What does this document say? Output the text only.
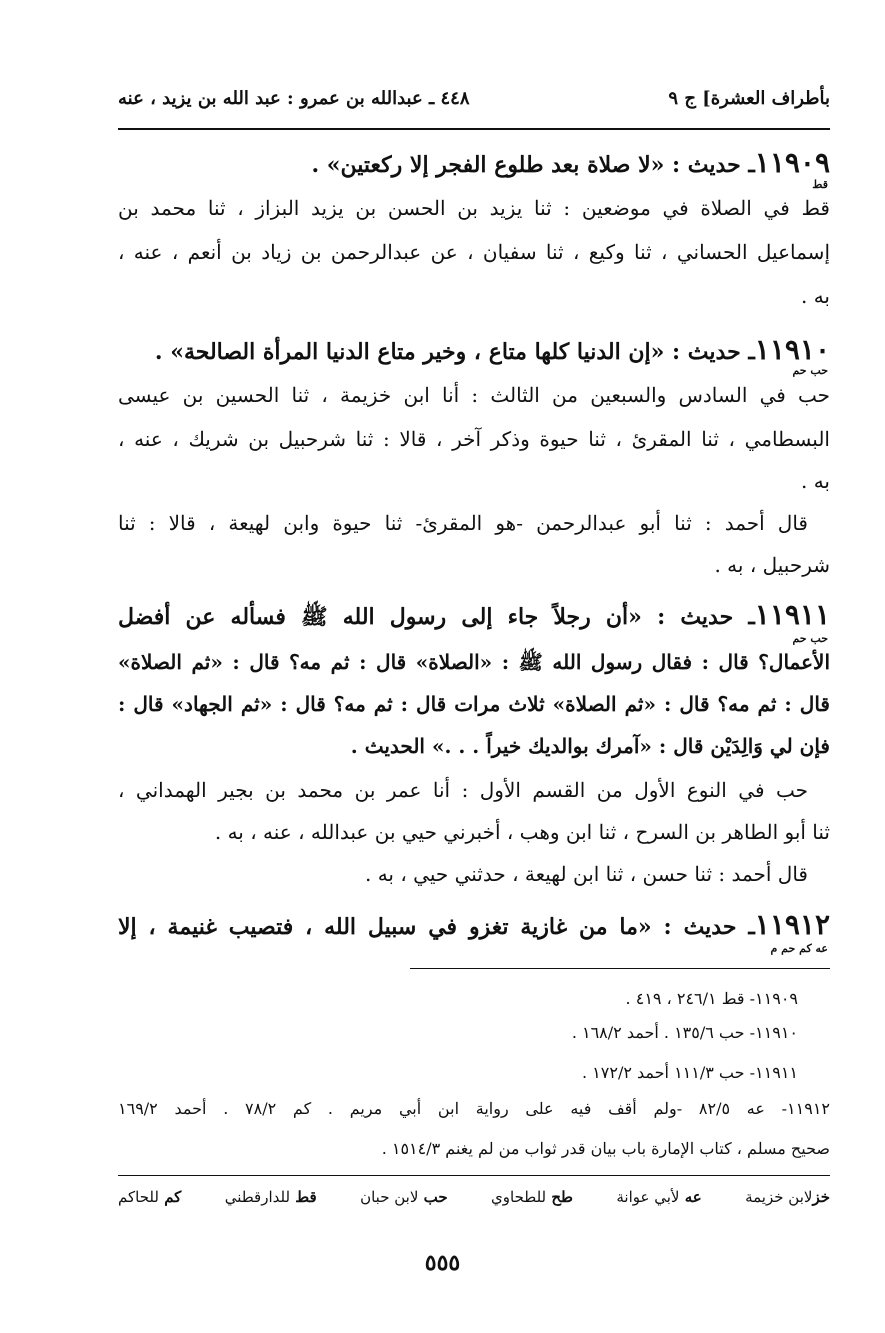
بأطراف العشرة] ج ٩
٤٤٨ ـ عبدالله بن عمرو : عبد الله بن يزيد ، عنه
١١٩٠٩ـ حديث : «لا صلاة بعد طلوع الفجر إلا ركعتين» .
قط
قط في الصلاة في موضعين : ثنا يزيد بن الحسن بن يزيد البزاز ، ثنا محمد بن
إسماعيل الحساني ، ثنا وكيع ، ثنا سفيان ، عن عبدالرحمن بن زياد بن أنعم ، عنه ،
به .
١١٩١٠ـ حديث : «إن الدنيا كلها متاع ، وخير متاع الدنيا المرأة الصالحة» .
حب حم
حب في السادس والسبعين من الثالث : أنا ابن خزيمة ، ثنا الحسين بن عيسى
البسطامي ، ثنا المقرئ ، ثنا حيوة وذكر آخر ، قالا : ثنا شرحبيل بن شريك ، عنه ،
به .
قال أحمد : ثنا أبو عبدالرحمن -هو المقرئ- ثنا حيوة وابن لهيعة ، قالا : ثنا
شرحبيل ، به .
١١٩١١ـ حديث : «أن رجلاً جاء إلى رسول الله ﷺ فسأله عن أفضل
حب حم
الأعمال؟ قال : فقال رسول الله ﷺ : «الصلاة» قال : ثم مه؟ قال : «ثم الصلاة»
قال : ثم مه؟ قال : «ثم الصلاة» ثلاث مرات قال : ثم مه؟ قال : «ثم الجهاد» قال :
فإن لي وَالِدَيْن قال : «آمرك بوالديك خيراً . . .» الحديث .
حب في النوع الأول من القسم الأول : أنا عمر بن محمد بن بجير الهمداني ،
ثنا أبو الطاهر بن السرح ، ثنا ابن وهب ، أخبرني حيي بن عبدالله ، عنه ، به .
قال أحمد : ثنا حسن ، ثنا ابن لهيعة ، حدثني حيي ، به .
١١٩١٢ـ حديث : «ما من غازية تغزو في سبيل الله ، فتصيب غنيمة ، إلا
عه كم حم م
١١٩٠٩- قط ٢٤٦/١ ، ٤١٩ .
١١٩١٠- حب ١٣٥/٦ . أحمد ١٦٨/٢ .
١١٩١١- حب ١١١/٣ أحمد ١٧٢/٢ .
١١٩١٢- عه ٨٢/٥ -ولم أقف فيه على رواية ابن أبي مريم . كم ٧٨/٢ . أحمد ١٦٩/٢
صحيح مسلم ، كتاب الإمارة باب بيان قدر ثواب من لم يغنم ١٥١٤/٣ .
خزلابن خزيمة
عه لأبي عوانة
طح للطحاوي
حب لابن حبان
قط للدارقطني
كم للحاكم
٥٥٥
